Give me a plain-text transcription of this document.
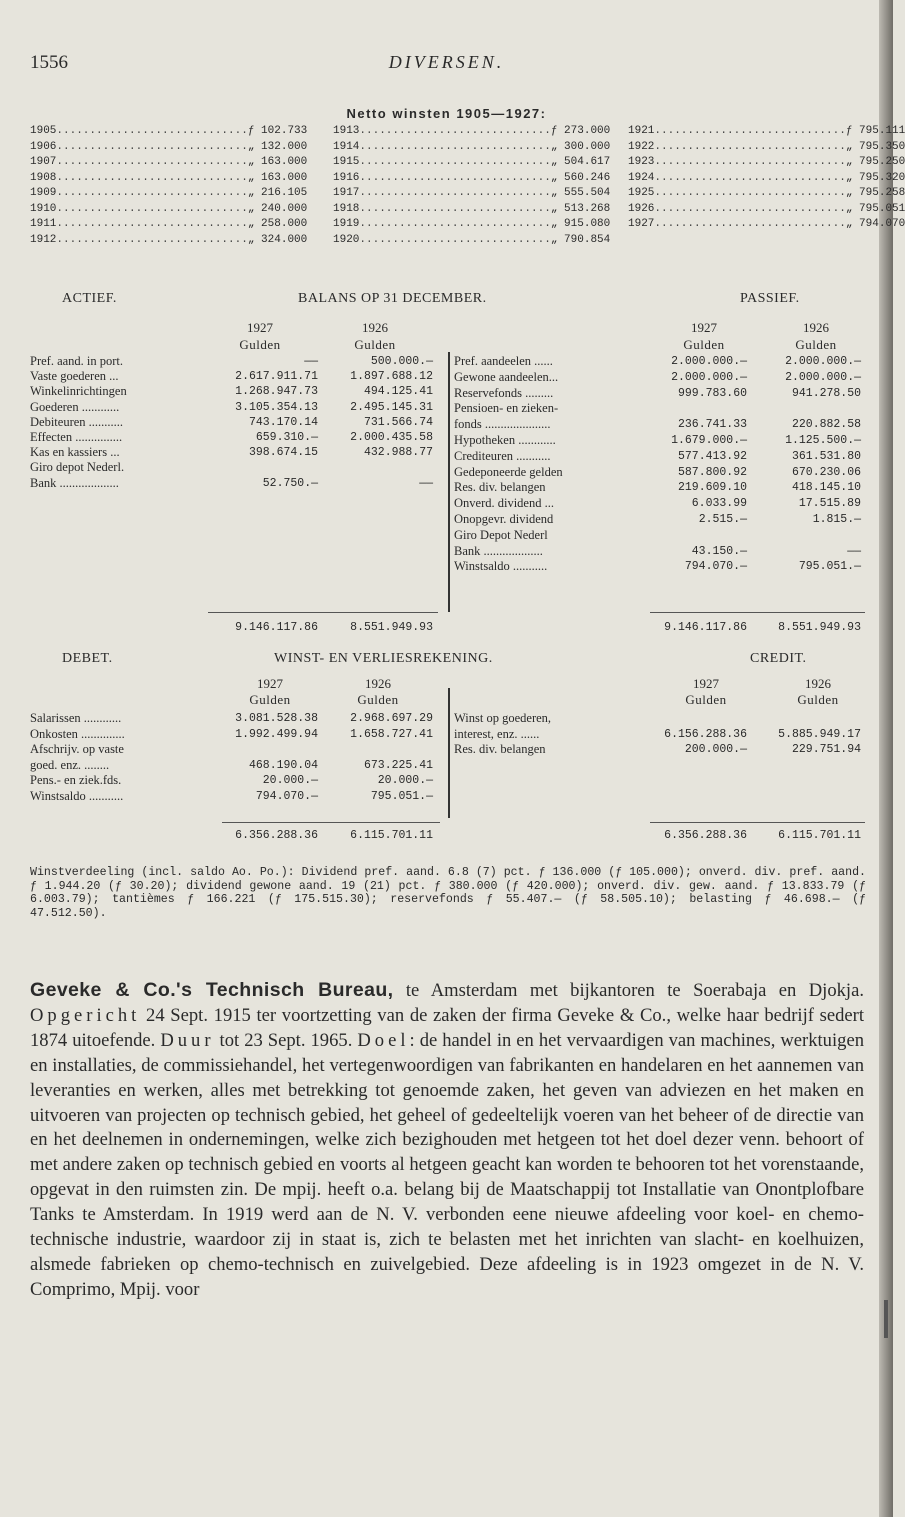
1556	DIVERSEN.
Netto winsten 1905—1927:
1905 ............................. ƒ 102.733
1906 ............................. „ 132.000
1907 ............................. „ 163.000
1908 ............................. „ 163.000
1909 ............................. „ 216.105
1910 ............................. „ 240.000
1911 ............................. „ 258.000
1912 ............................. „ 324.000
1913 ............................. ƒ 273.000
1914 ............................. „ 300.000
1915 ............................. „ 504.617
1916 ............................. „ 560.246
1917 ............................. „ 555.504
1918 ............................. „ 513.268
1919 ............................. „ 915.080
1920 ............................. „ 790.854
1921 ............................. ƒ 795.111
1922 ............................. „ 795.350
1923 ............................. „ 795.250
1924 ............................. „ 795.320
1925 ............................. „ 795.258
1926 ............................. „ 795.051
1927 ............................. „ 794.070
ACTIEF.	BALANS OP 31 DECEMBER.	PASSIEF.
1927	1926
Gulden	Gulden
1927	1926
Gulden	Gulden
Pref. aand. in port.	——	500.000.—
Vaste goederen ...	2.617.911.71	1.897.688.12
Winkelinrichtingen	1.268.947.73	494.125.41
Goederen ............	3.105.354.13	2.495.145.31
Debiteuren ...........	743.170.14	731.566.74
Effecten ...............	659.310.—	2.000.435.58
Kas en kassiers ...	398.674.15	432.988.77
Giro depot Nederl.
Bank ...................	52.750.—	——
Pref. aandeelen ......	2.000.000.—	2.000.000.—
Gewone aandeelen...	2.000.000.—	2.000.000.—
Reservefonds .........	999.783.60	941.278.50
Pensioen- en zieken-
fonds .....................	236.741.33	220.882.58
Hypotheken ............	1.679.000.—	1.125.500.—
Crediteuren ...........	577.413.92	361.531.80
Gedeponeerde gelden	587.800.92	670.230.06
Res. div. belangen	219.609.10	418.145.10
Onverd. dividend ...	6.033.99	17.515.89
Onopgevr. dividend	2.515.—	1.815.—
Giro Depot Nederl
Bank ...................	43.150.—	——
Winstsaldo ...........	794.070.—	795.051.—
9.146.117.86	8.551.949.93	9.146.117.86	8.551.949.93
DEBET.	WINST- EN VERLIESREKENING.	CREDIT.
1927	1926
Gulden	Gulden
1927	1926
Gulden	Gulden
Salarissen ............	3.081.528.38	2.968.697.29
Onkosten ..............	1.992.499.94	1.658.727.41
Afschrijv. op vaste
goed. enz. ........	468.190.04	673.225.41
Pens.- en ziek.fds.	20.000.—	20.000.—
Winstsaldo ...........	794.070.—	795.051.—
Winst op goederen,
interest, enz. ......	6.156.288.36	5.885.949.17
Res. div. belangen	200.000.—	229.751.94
6.356.288.36	6.115.701.11	6.356.288.36	6.115.701.11
Winstverdeeling (incl. saldo Ao. Po.): Dividend pref. aand. 6.8 (7) pct. ƒ 136.000 (ƒ 105.000); onverd. div. pref. aand. ƒ 1.944.20 (ƒ 30.20); dividend gewone aand. 19 (21) pct. ƒ 380.000 (ƒ 420.000); onverd. div. gew. aand. ƒ 13.833.79 (ƒ 6.003.79); tantièmes ƒ 166.221 (ƒ 175.515.30); reservefonds ƒ 55.407.— (ƒ 58.505.10); belasting ƒ 46.698.— (ƒ 47.512.50).
Geveke & Co.'s Technisch Bureau, te Amsterdam met bijkantoren te Soerabaja en Djokja. Opgericht 24 Sept. 1915 ter voortzetting van de zaken der firma Geveke & Co., welke haar bedrijf sedert 1874 uitoefende. Duur tot 23 Sept. 1965. Doel: de handel in en het vervaardigen van machines, werktuigen en installaties, de commissiehandel, het vertegenwoordigen van fabrikanten en handelaren en het aannemen van leveranties en werken, alles met betrekking tot genoemde zaken, het geven van adviezen en het maken en uitvoeren van projecten op technisch gebied, het geheel of gedeeltelijk voeren van het beheer of de directie van en het deelnemen in ondernemingen, welke zich bezighouden met hetgeen tot het doel dezer venn. behoort of met andere zaken op technisch gebied en voorts al hetgeen geacht kan worden te behooren tot het vorenstaande, opgevat in den ruimsten zin. De mpij. heeft o.a. belang bij de Maatschappij tot Installatie van Onontplofbare Tanks te Amsterdam. In 1919 werd aan de N. V. verbonden eene nieuwe afdeeling voor koel- en chemo-technische industrie, waardoor zij in staat is, zich te belasten met het inrichten van slacht- en koelhuizen, alsmede fabrieken op chemo-technisch en zuivelgebied. Deze afdeeling is in 1923 omgezet in de N. V. Comprimo, Mpij. voor
